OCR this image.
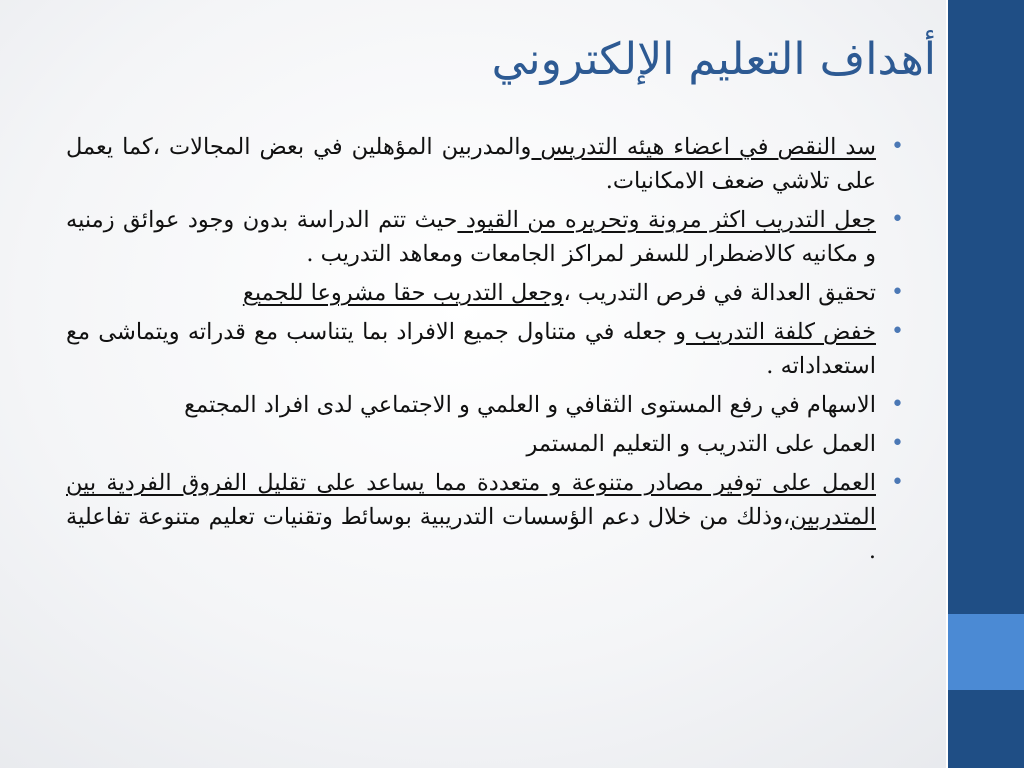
أهداف التعليم الإلكتروني
•
سد النقص في اعضاء هيئه التدريس والمدربين المؤهلين في بعض المجالات ،كما يعمل على تلاشي ضعف الامكانيات.
•
جعل التدريب اكثر مرونة وتحريره من القيود حيث تتم الدراسة بدون وجود عوائق زمنيه و مكانيه كالاضطرار للسفر لمراكز الجامعات ومعاهد التدريب .
•
تحقيق العدالة في فرص التدريب ،وجعل التدريب حقا مشروعا للجميع
•
خفض كلفة التدريب و جعله في متناول جميع الافراد بما يتناسب مع قدراته ويتماشى مع استعداداته .
•
الاسهام في رفع المستوى الثقافي و العلمي و الاجتماعي لدى افراد المجتمع
•
العمل على التدريب و التعليم المستمر
•
العمل على توفير مصادر متنوعة و متعددة مما يساعد على تقليل الفروق الفردية بين المتدربين،وذلك من خلال دعم الؤسسات التدريبية بوسائط وتقنيات تعليم متنوعة تفاعلية .
